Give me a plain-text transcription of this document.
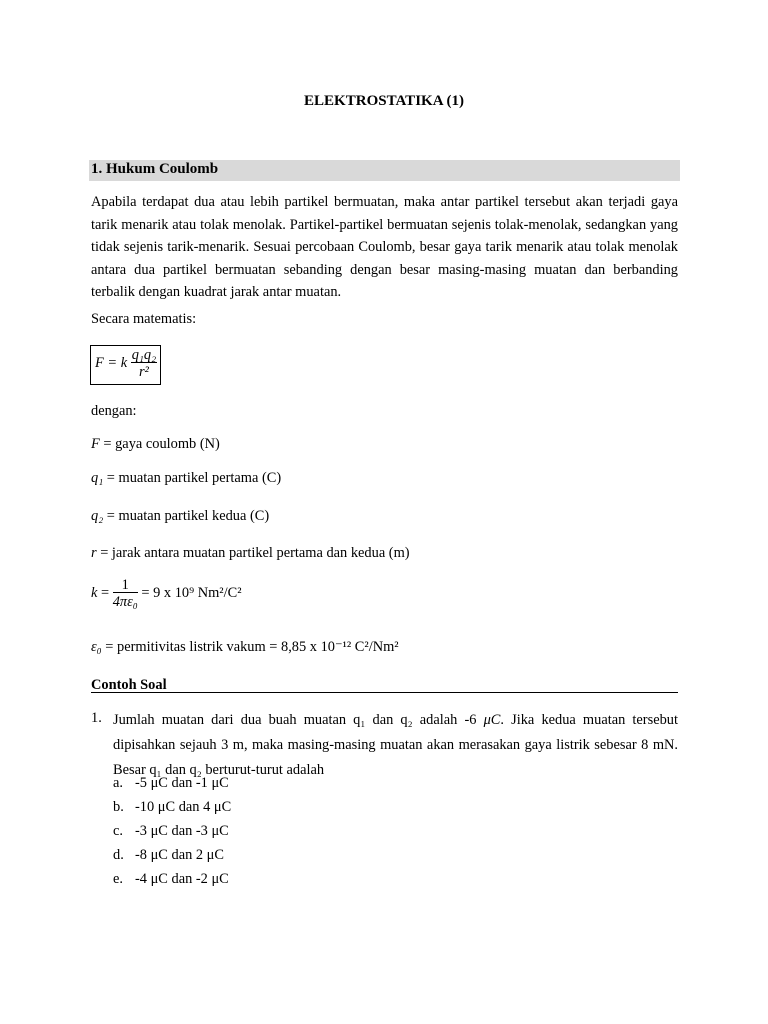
ELEKTROSTATIKA (1)
1. Hukum Coulomb
Apabila terdapat dua atau lebih partikel bermuatan, maka antar partikel tersebut akan terjadi gaya tarik menarik atau tolak menolak. Partikel-partikel bermuatan sejenis tolak-menolak, sedangkan yang tidak sejenis tarik-menarik. Sesuai percobaan Coulomb, besar gaya tarik menarik atau tolak menolak antara dua partikel bermuatan sebanding dengan besar masing-masing muatan dan berbanding terbalik dengan kuadrat jarak antar muatan.
Secara matematis:
F = k $\frac{\text{q₁q₂}}{\text{r²}}$
dengan:
F = gaya coulomb (N)
q₁ = muatan partikel pertama (C)
q₂ = muatan partikel kedua (C)
r = jarak antara muatan partikel pertama dan kedua (m)
$k = \frac{1}{\text{4πε₀}} = 9$ x 10⁹ Nm²/C²
ε₀ = permitivitas listrik vakum = 8,85 x 10⁻¹² C²/Nm²
Contoh Soal
1. Jumlah muatan dari dua buah muatan q₁ dan q₂ adalah -6 μC. Jika kedua muatan tersebut dipisahkan sejauh 3 m, maka masing-masing muatan akan merasakan gaya listrik sebesar 8 mN. Besar q₁ dan q₂ berturut-turut adalah
a. -5 μC dan -1 μC
b. -10 μC dan 4 μC
c. -3 μC dan -3 μC
d. -8 μC dan 2 μC
e. -4 μC dan -2 μC
